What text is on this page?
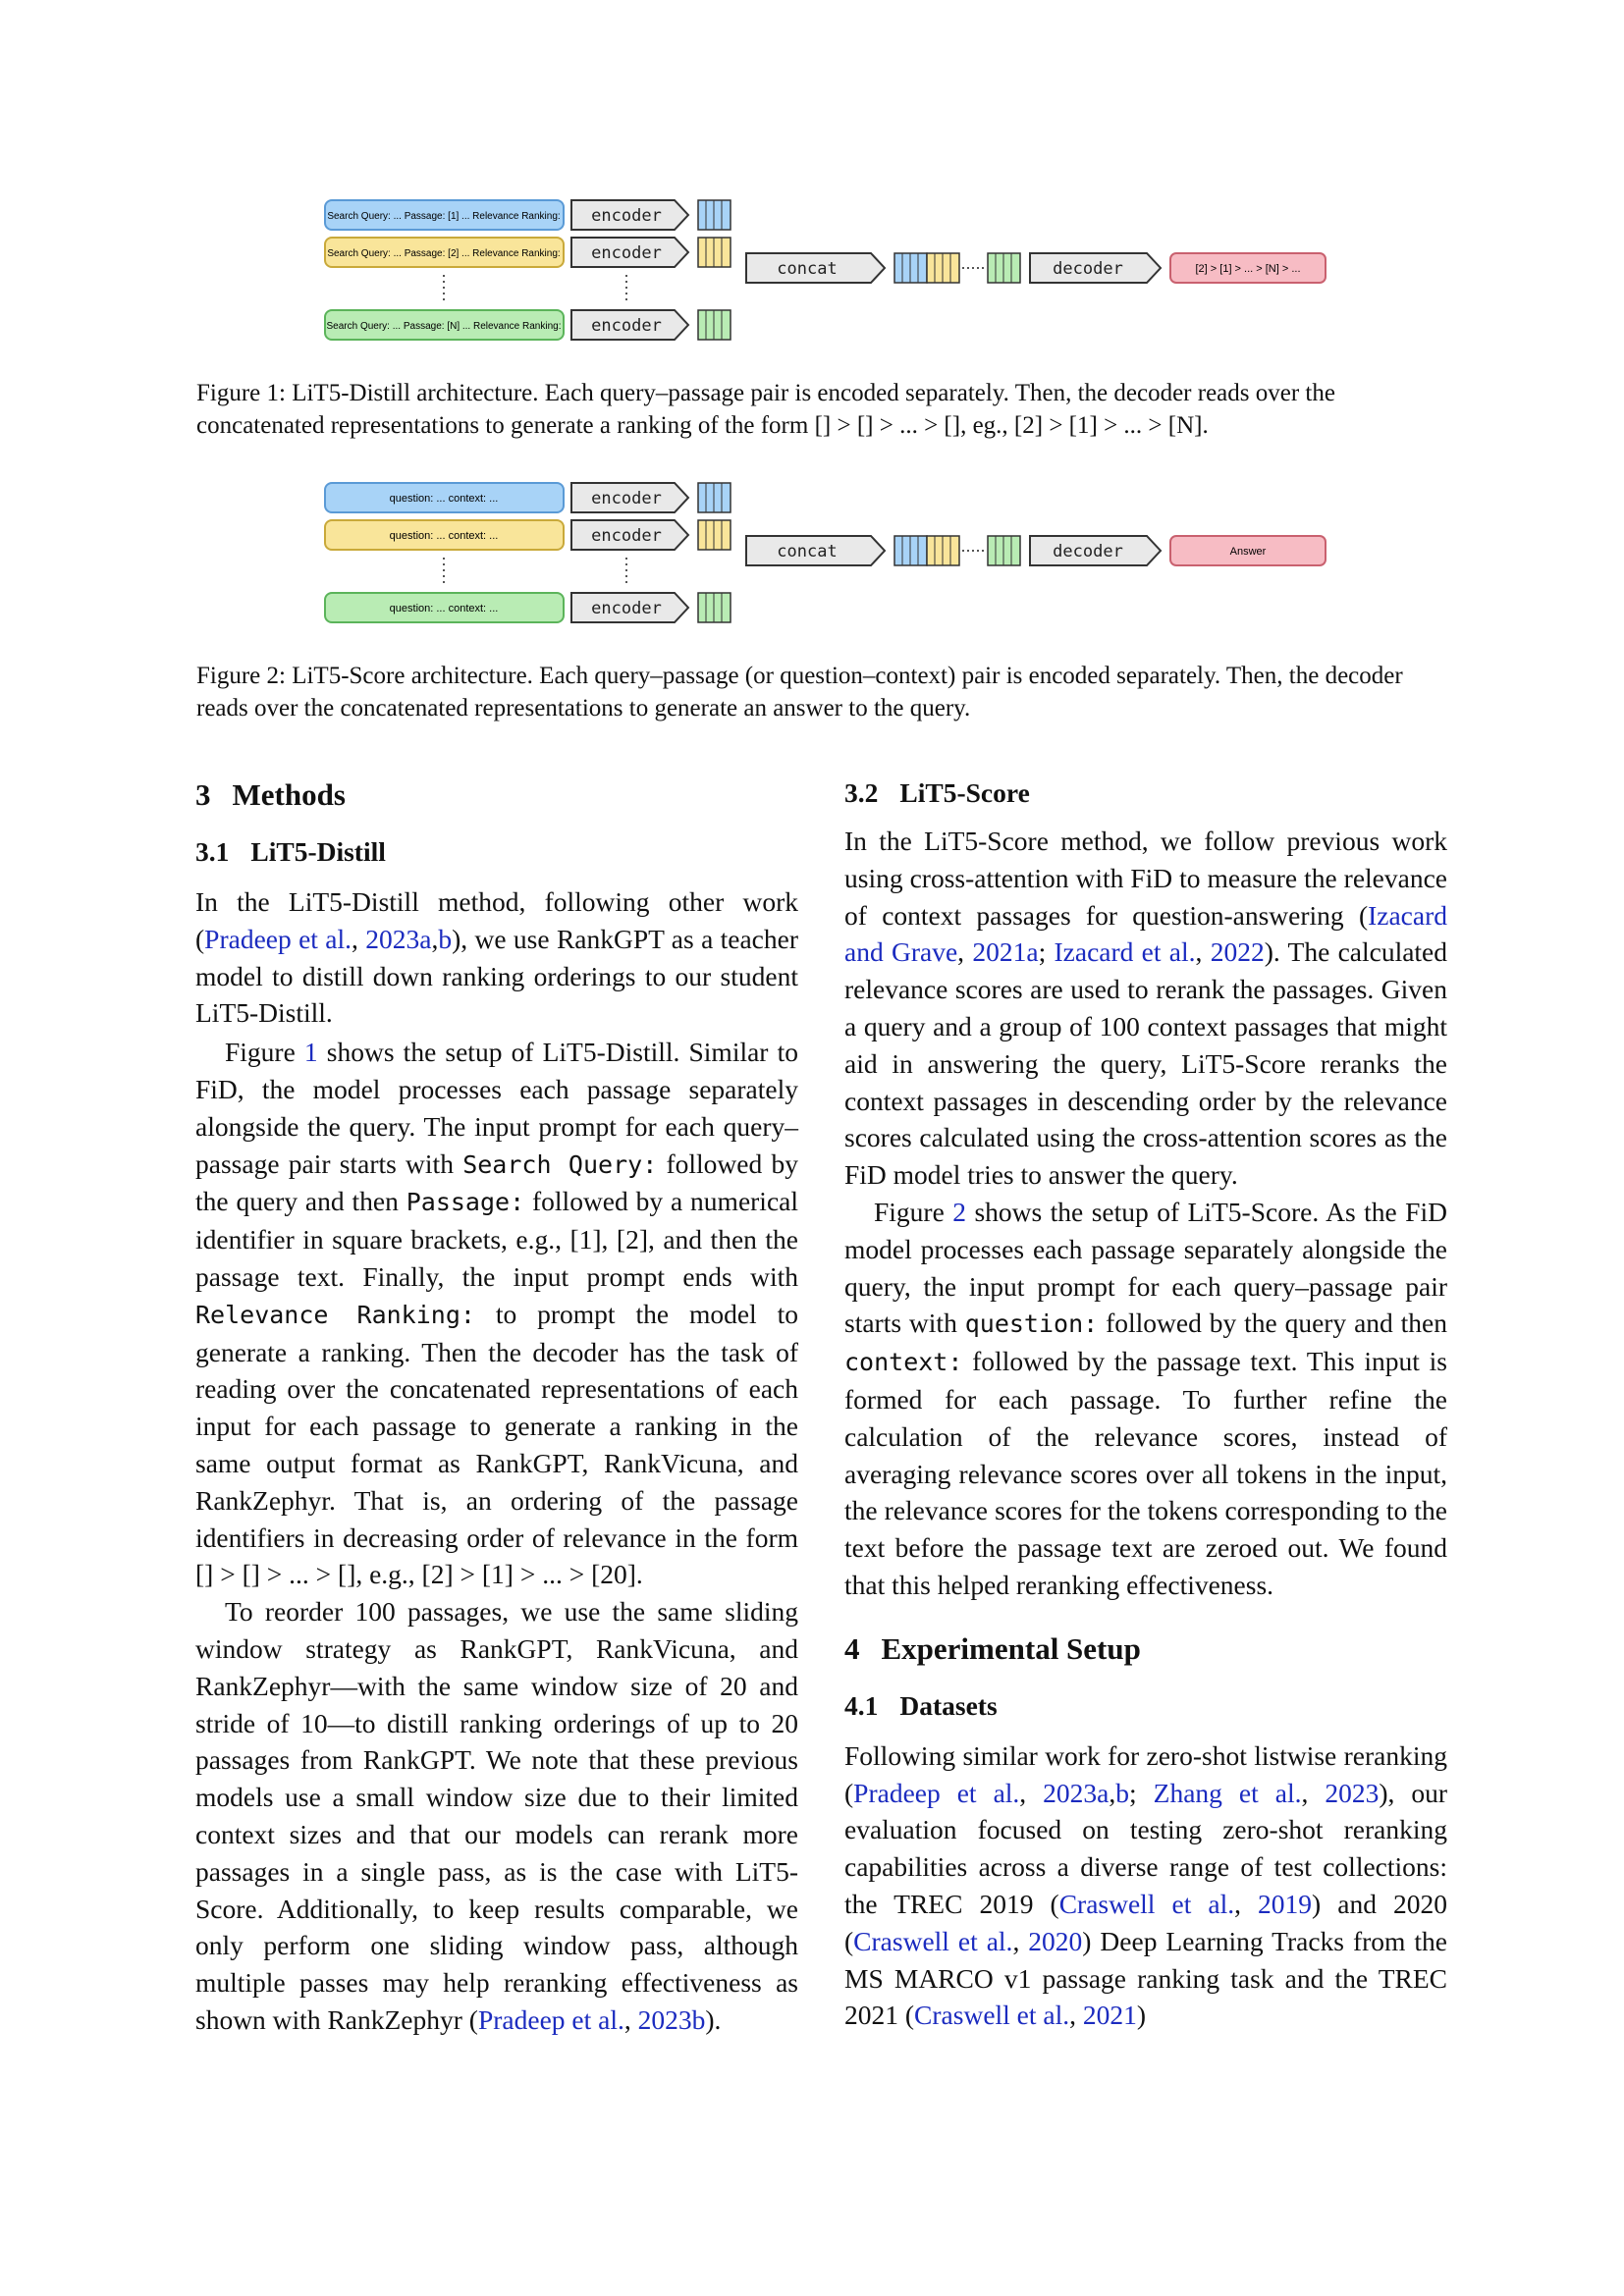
Search Query: ... Passage: [1] ... Relevance Ranking:
Search Query: ... Passage: [2] ... Relevance Ranking:
Search Query: ... Passage: [N] ... Relevance Ranking:
encoder
encoder
encoder
concat	decoder	[2] > [1] > ... > [N] > ...
Figure 1: LiT5-Distill architecture. Each query–passage pair is encoded separately. Then, the decoder reads over the concatenated representations to generate a ranking of the form [] > [] > ... > [], eg., [2] > [1] > ... > [N].
question: ... context: ...
question: ... context: ...
question: ... context: ...
encoder
encoder
encoder
concat	decoder	Answer
Figure 2: LiT5-Score architecture. Each query–passage (or question–context) pair is encoded separately. Then, the decoder reads over the concatenated representations to generate an answer to the query.
3 Methods
3.1 LiT5-Distill

In the LiT5-Distill method, following other work (Pradeep et al., 2023a,b), we use RankGPT as a teacher model to distill down ranking orderings to our student LiT5-Distill.

Figure 1 shows the setup of LiT5-Distill. Similar to FiD, the model processes each passage separately alongside the query. The input prompt for each query–passage pair starts with Search Query: followed by the query and then Passage: followed by a numerical identifier in square brackets, e.g., [1], [2], and then the passage text. Finally, the input prompt ends with Relevance Ranking: to prompt the model to generate a ranking. Then the decoder has the task of reading over the concatenated representations of each input for each passage to generate a ranking in the same output format as RankGPT, RankVicuna, and RankZephyr. That is, an ordering of the passage identifiers in decreasing order of relevance in the form [] > [] > ... > [], e.g., [2] > [1] > ... > [20].

To reorder 100 passages, we use the same sliding window strategy as RankGPT, RankVicuna, and RankZephyr—with the same window size of 20 and stride of 10—to distill ranking orderings of up to 20 passages from RankGPT. We note that these previous models use a small window size due to their limited context sizes and that our models can rerank more passages in a single pass, as is the case with LiT5-Score. Additionally, to keep results comparable, we only perform one sliding window pass, although multiple passes may help reranking effectiveness as shown with RankZephyr (Pradeep et al., 2023b).

3.2 LiT5-Score

In the LiT5-Score method, we follow previous work using cross-attention with FiD to measure the relevance of context passages for question-answering (Izacard and Grave, 2021a; Izacard et al., 2022). The calculated relevance scores are used to rerank the passages. Given a query and a group of 100 context passages that might aid in answering the query, LiT5-Score reranks the context passages in descending order by the relevance scores calculated using the cross-attention scores as the FiD model tries to answer the query.

Figure 2 shows the setup of LiT5-Score. As the FiD model processes each passage separately alongside the query, the input prompt for each query–passage pair starts with question: followed by the query and then context: followed by the passage text. This input is formed for each passage. To further refine the calculation of the relevance scores, instead of averaging relevance scores over all tokens in the input, the relevance scores for the tokens corresponding to the text before the passage text are zeroed out. We found that this helped reranking effectiveness.

4 Experimental Setup
4.1 Datasets

Following similar work for zero-shot listwise reranking (Pradeep et al., 2023a,b; Zhang et al., 2023), our evaluation focused on testing zero-shot reranking capabilities across a diverse range of test collections: the TREC 2019 (Craswell et al., 2019) and 2020 (Craswell et al., 2020) Deep Learning Tracks from the MS MARCO v1 passage ranking task and the TREC 2021 (Craswell et al., 2021)
